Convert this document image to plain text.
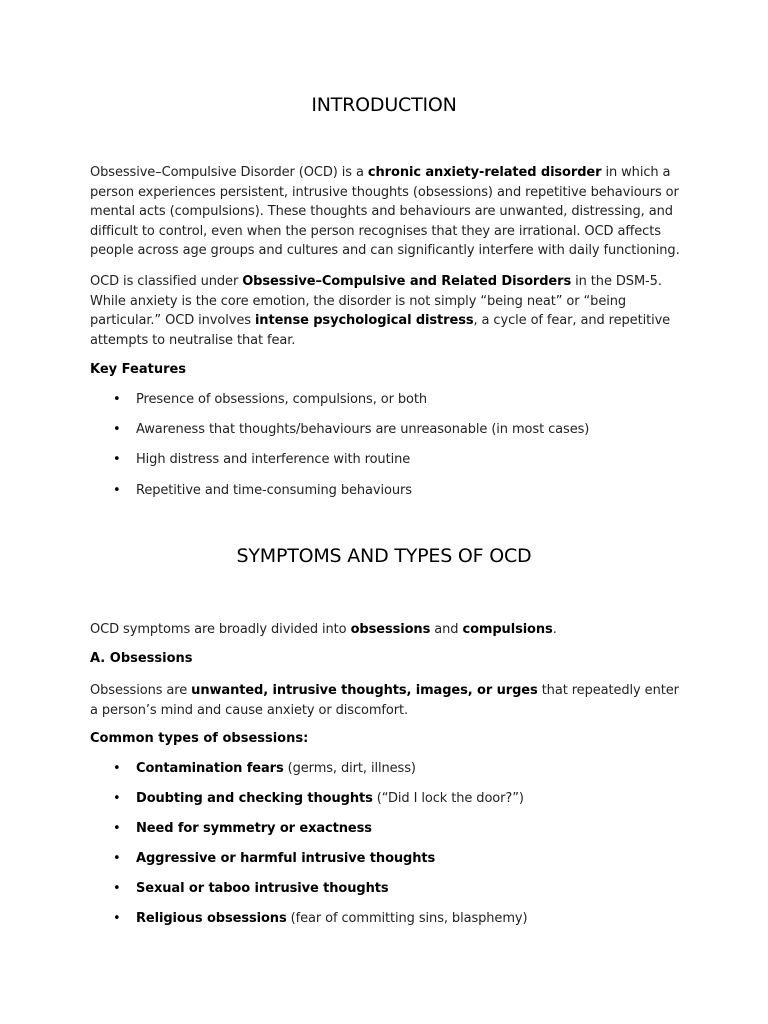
INTRODUCTION

Obsessive–Compulsive Disorder (OCD) is a chronic anxiety-related disorder in which a person experiences persistent, intrusive thoughts (obsessions) and repetitive behaviours or mental acts (compulsions). These thoughts and behaviours are unwanted, distressing, and difficult to control, even when the person recognises that they are irrational. OCD affects people across age groups and cultures and can significantly interfere with daily functioning.

OCD is classified under Obsessive–Compulsive and Related Disorders in the DSM-5. While anxiety is the core emotion, the disorder is not simply “being neat” or “being particular.” OCD involves intense psychological distress, a cycle of fear, and repetitive attempts to neutralise that fear.

Key Features

• Presence of obsessions, compulsions, or both
• Awareness that thoughts/behaviours are unreasonable (in most cases)
• High distress and interference with routine
• Repetitive and time-consuming behaviours
SYMPTOMS AND TYPES OF OCD

OCD symptoms are broadly divided into obsessions and compulsions.

A. Obsessions

Obsessions are unwanted, intrusive thoughts, images, or urges that repeatedly enter a person’s mind and cause anxiety or discomfort.

Common types of obsessions:

• Contamination fears (germs, dirt, illness)
• Doubting and checking thoughts (“Did I lock the door?”)
• Need for symmetry or exactness
• Aggressive or harmful intrusive thoughts
• Sexual or taboo intrusive thoughts
• Religious obsessions (fear of committing sins, blasphemy)
